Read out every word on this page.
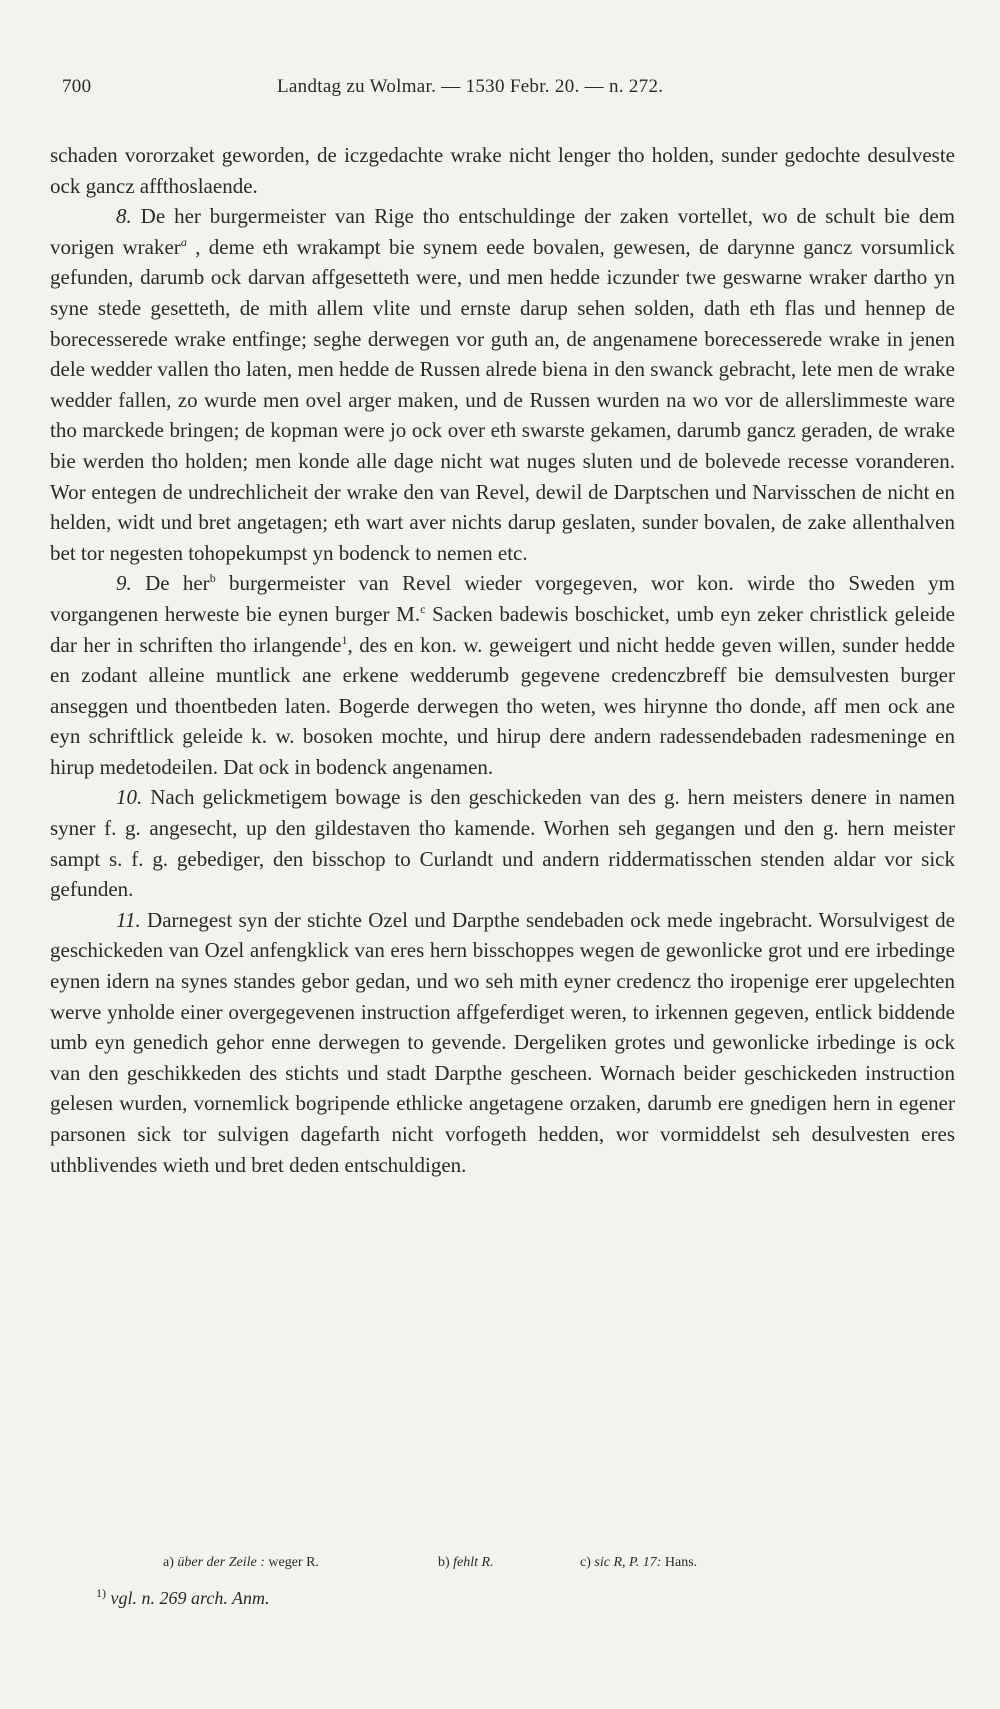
700	Landtag zu Wolmar. — 1530 Febr. 20. — n. 272.

schaden vororzaket geworden, de iczgedachte wrake nicht lenger tho holden, sunder gedochte desulveste ock gancz affthoslaende.

8. De her burgermeister van Rige tho entschuldinge der zaken vortellet, wo de schult bie dem vorigen wraker$^a$ , deme eth wrakampt bie synem eede bovalen, gewesen, de darynne gancz vorsumlick gefunden, darumb ock darvan affgesetteth were, und men hedde iczunder twe geswarne wraker dartho yn syne stede gesetteth, de mith allem vlite und ernste darup sehen solden, dath eth flas und hennep de borecesserede wrake entfinge; seghe derwegen vor guth an, de angenamene borecesserede wrake in jenen dele wedder vallen tho laten, men hedde de Russen alrede biena in den swanck gebracht, lete men de wrake wedder fallen, zo wurde men ovel arger maken, und de Russen wurden na wo vor de allerslimmeste ware tho marckede bringen; de kopman were jo ock over eth swarste gekamen, darumb gancz geraden, de wrake bie werden tho holden; men konde alle dage nicht wat nuges sluten und de bolevede recesse voranderen. Wor entegen de undrechlicheit der wrake den van Revel, dewil de Darptschen und Narvisschen de nicht en helden, widt und bret angetagen; eth wart aver nichts darup geslaten, sunder bovalen, de zake allenthalven bet tor negesten tohopekumpst yn bodenck to nemen etc.

9. De her$^b$ burgermeister van Revel wieder vorgegeven, wor kon. wirde tho Sweden ym vorgangenen herweste bie eynen burger M.$^c$ Sacken badewis boschicket, umb eyn zeker christlick geleide dar her in schriften tho irlangende$^1$, des en kon. w. geweigert und nicht hedde geven willen, sunder hedde en zodant alleine muntlick ane erkene wedderumb gegevene credenczbreff bie demsulvesten burger anseggen und thoentbeden laten. Bogerde derwegen tho weten, wes hirynne tho donde, aff men ock ane eyn schriftlick geleide k. w. bosoken mochte, und hirup dere andern radessendebaden radesmeninge en hirup medetodeilen. Dat ock in bodenck angenamen.

10. Nach gelickmetigem bowage is den geschickeden van des g. hern meisters denere in namen syner f. g. angesecht, up den gildestaven tho kamende. Worhen seh gegangen und den g. hern meister sampt s. f. g. gebediger, den bisschop to Curlandt und andern riddermatisschen stenden aldar vor sick gefunden.

11. Darnegest syn der stichte Ozel und Darpthe sendebaden ock mede ingebracht. Worsulvigest de geschickeden van Ozel anfengklick van eres hern bisschoppes wegen de gewonlicke grot und ere irbedinge eynen idern na synes standes gebor gedan, und wo seh mith eyner credencz tho iropenige erer upgelechten werve ynholde einer overgegevenen instruction affgeferdiget weren, to irkennen gegeven, entlick biddende umb eyn genedich gehor enne derwegen to gevende. Dergeliken grotes und gewonlicke irbedinge is ock van den geschikkeden des stichts und stadt Darpthe gescheen. Wornach beider geschickeden instruction gelesen wurden, vornemlick bogripende ethlicke angetagene orzaken, darumb ere gnedigen hern in egener parsonen sick tor sulvigen dagefarth nicht vorfogeth hedden, wor vormiddelst seh desulvesten eres uthblivendes wieth und bret deden entschuldigen.

a) über der Zeile : weger R.	b) fehlt R.	c) sic R, P. 17: Hans.
$^{1)}$ vgl. n. 269 arch. Anm.
